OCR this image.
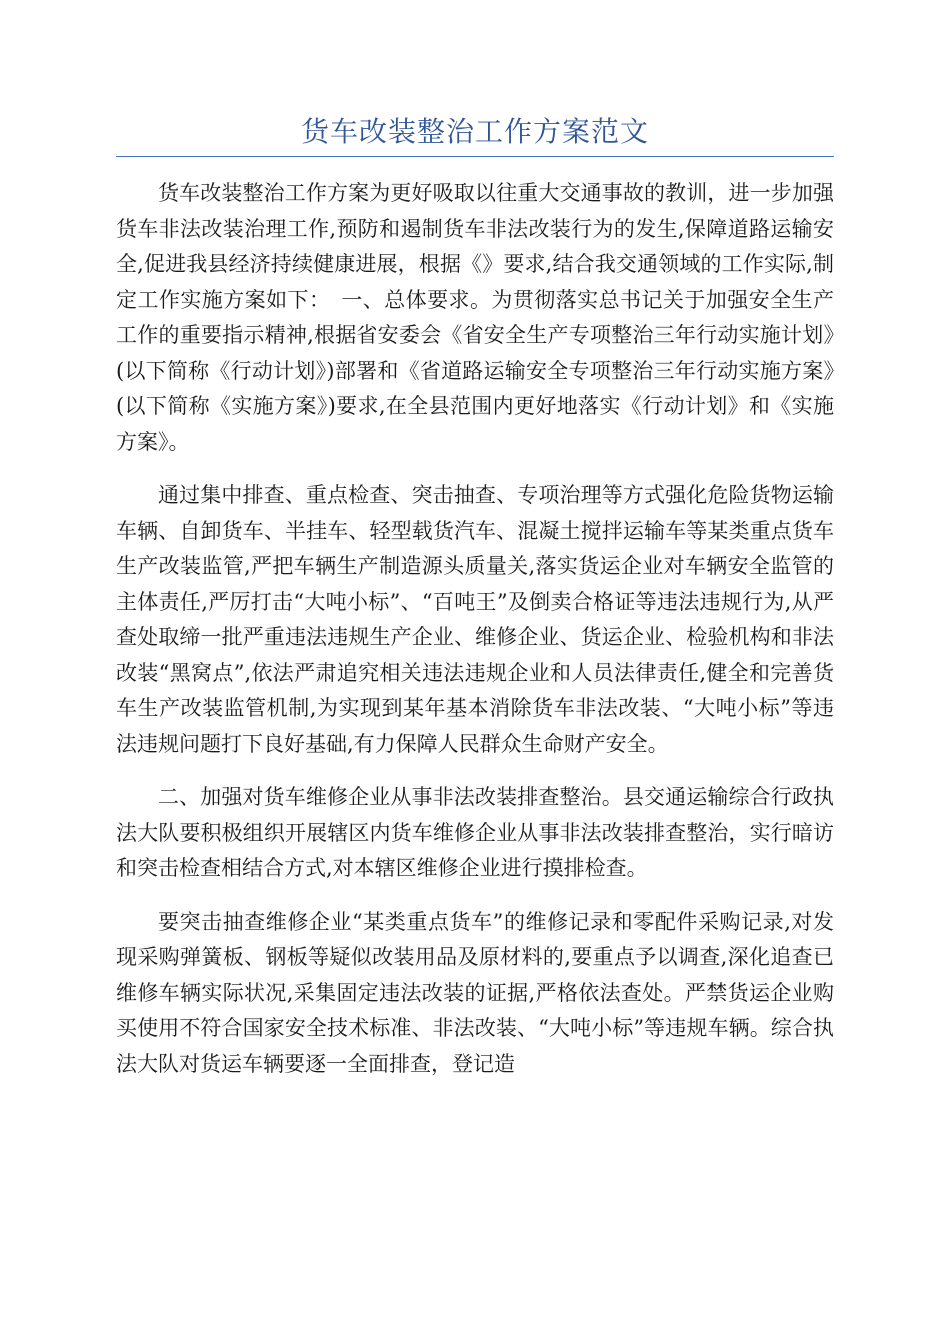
货车改装整治工作方案范文

货车改装整治工作方案为更好吸取以往重大交通事故的教训，进一步加强货车非法改装治理工作,预防和遏制货车非法改装行为的发生,保障道路运输安全,促进我县经济持续健康进展，根据《》要求,结合我交通领域的工作实际,制定工作实施方案如下：　一、总体要求。为贯彻落实总书记关于加强安全生产工作的重要指示精神,根据省安委会《省安全生产专项整治三年行动实施计划》(以下简称《行动计划》)部署和《省道路运输安全专项整治三年行动实施方案》(以下简称《实施方案》)要求,在全县范围内更好地落实《行动计划》和《实施方案》。

通过集中排查、重点检查、突击抽查、专项治理等方式强化危险货物运输车辆、自卸货车、半挂车、轻型载货汽车、混凝土搅拌运输车等某类重点货车生产改装监管,严把车辆生产制造源头质量关,落实货运企业对车辆安全监管的主体责任,严厉打击“大吨小标”、“百吨王”及倒卖合格证等违法违规行为,从严查处取缔一批严重违法违规生产企业、维修企业、货运企业、检验机构和非法改装“黑窝点”,依法严肃追究相关违法违规企业和人员法律责任,健全和完善货车生产改装监管机制,为实现到某年基本消除货车非法改装、“大吨小标”等违法违规问题打下良好基础,有力保障人民群众生命财产安全。

二、加强对货车维修企业从事非法改装排查整治。县交通运输综合行政执法大队要积极组织开展辖区内货车维修企业从事非法改装排查整治，实行暗访和突击检查相结合方式,对本辖区维修企业进行摸排检查。

要突击抽查维修企业“某类重点货车”的维修记录和零配件采购记录,对发现采购弹簧板、钢板等疑似改装用品及原材料的,要重点予以调查,深化追查已维修车辆实际状况,采集固定违法改装的证据,严格依法查处。严禁货运企业购买使用不符合国家安全技术标准、非法改装、“大吨小标”等违规车辆。综合执法大队对货运车辆要逐一全面排查，登记造
